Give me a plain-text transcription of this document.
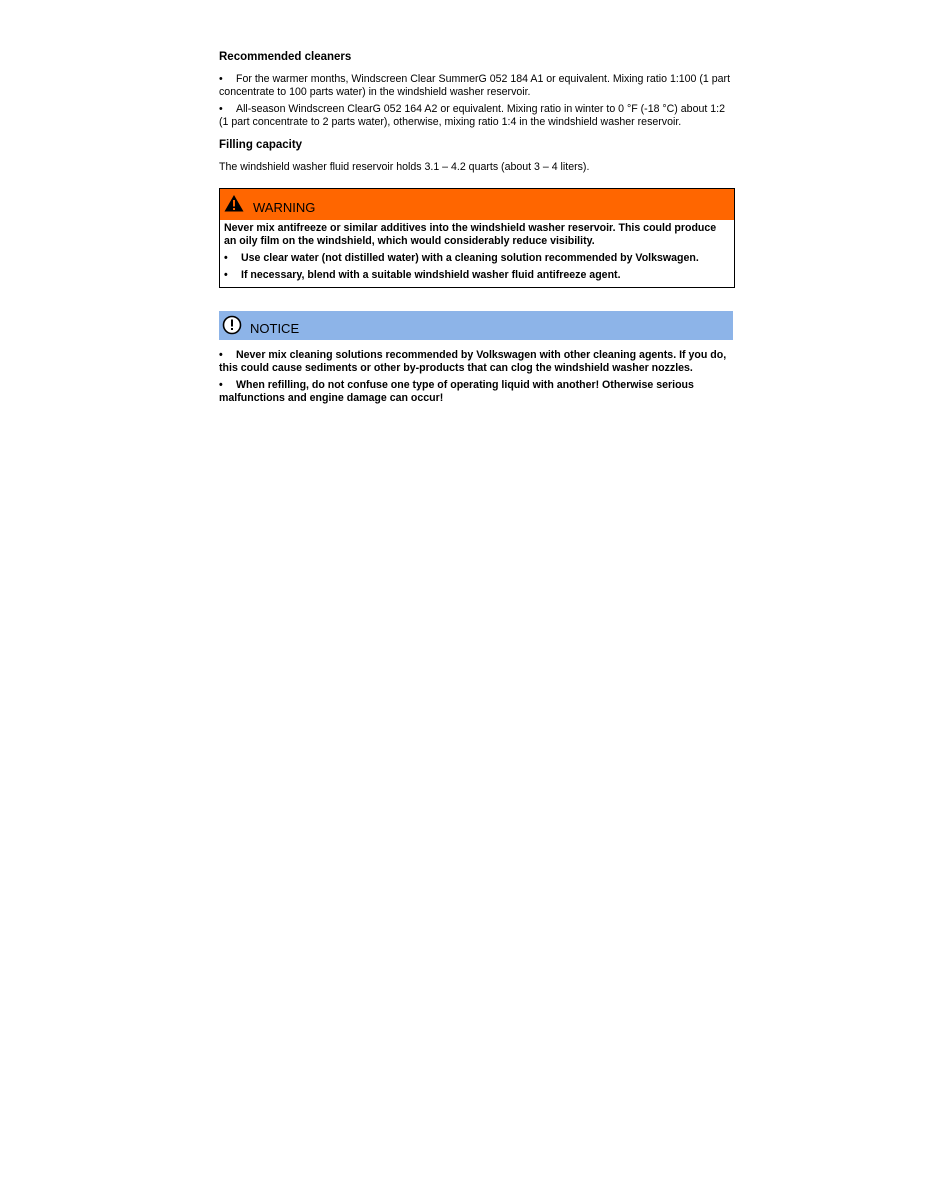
Recommended cleaners
• For the warmer months, Windscreen Clear SummerG 052 184 A1 or equivalent. Mixing ratio 1:100 (1 part concentrate to 100 parts water) in the windshield washer reservoir.
• All-season Windscreen ClearG 052 164 A2 or equivalent. Mixing ratio in winter to 0 °F (-18 °C) about 1:2 (1 part concentrate to 2 parts water), otherwise, mixing ratio 1:4 in the windshield washer reservoir.
Filling capacity

The windshield washer fluid reservoir holds 3.1 – 4.2 quarts (about 3 – 4 liters).

WARNING

Never mix antifreeze or similar additives into the windshield washer reservoir. This could produce an oily film on the windshield, which would considerably reduce visibility.

• Use clear water (not distilled water) with a cleaning solution recommended by Volkswagen.
• If necessary, blend with a suitable windshield washer fluid antifreeze agent.
NOTICE
• Never mix cleaning solutions recommended by Volkswagen with other cleaning agents. If you do, this could cause sediments or other by-products that can clog the windshield washer nozzles.
• When refilling, do not confuse one type of operating liquid with another! Otherwise serious malfunctions and engine damage can occur!
